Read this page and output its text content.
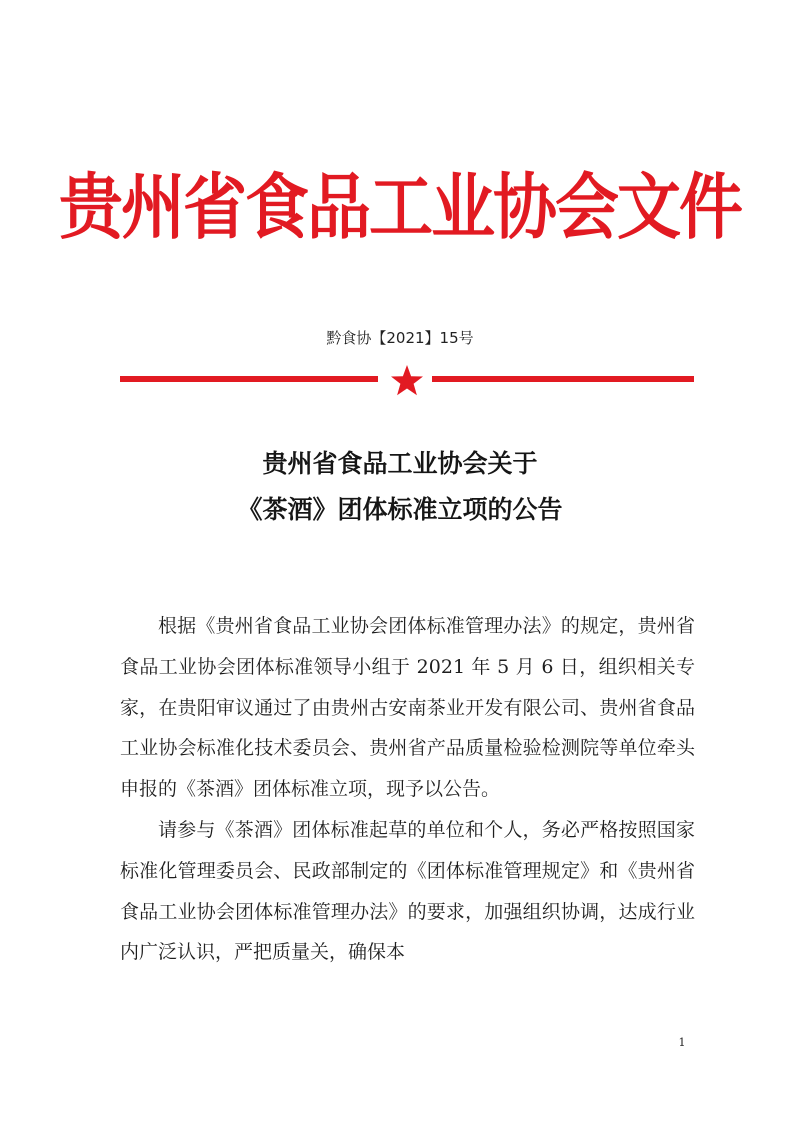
贵州省食品工业协会文件
黔食协【2021】15号
贵州省食品工业协会关于
《茶酒》团体标准立项的公告

根据《贵州省食品工业协会团体标准管理办法》的规定，贵州省食品工业协会团体标准领导小组于 2021 年 5 月 6 日，组织相关专家，在贵阳审议通过了由贵州古安南茶业开发有限公司、贵州省食品工业协会标准化技术委员会、贵州省产品质量检验检测院等单位牵头申报的《茶酒》团体标准立项，现予以公告。

请参与《茶酒》团体标准起草的单位和个人，务必严格按照国家标准化管理委员会、民政部制定的《团体标准管理规定》和《贵州省食品工业协会团体标准管理办法》的要求，加强组织协调，达成行业内广泛认识，严把质量关，确保本

1
